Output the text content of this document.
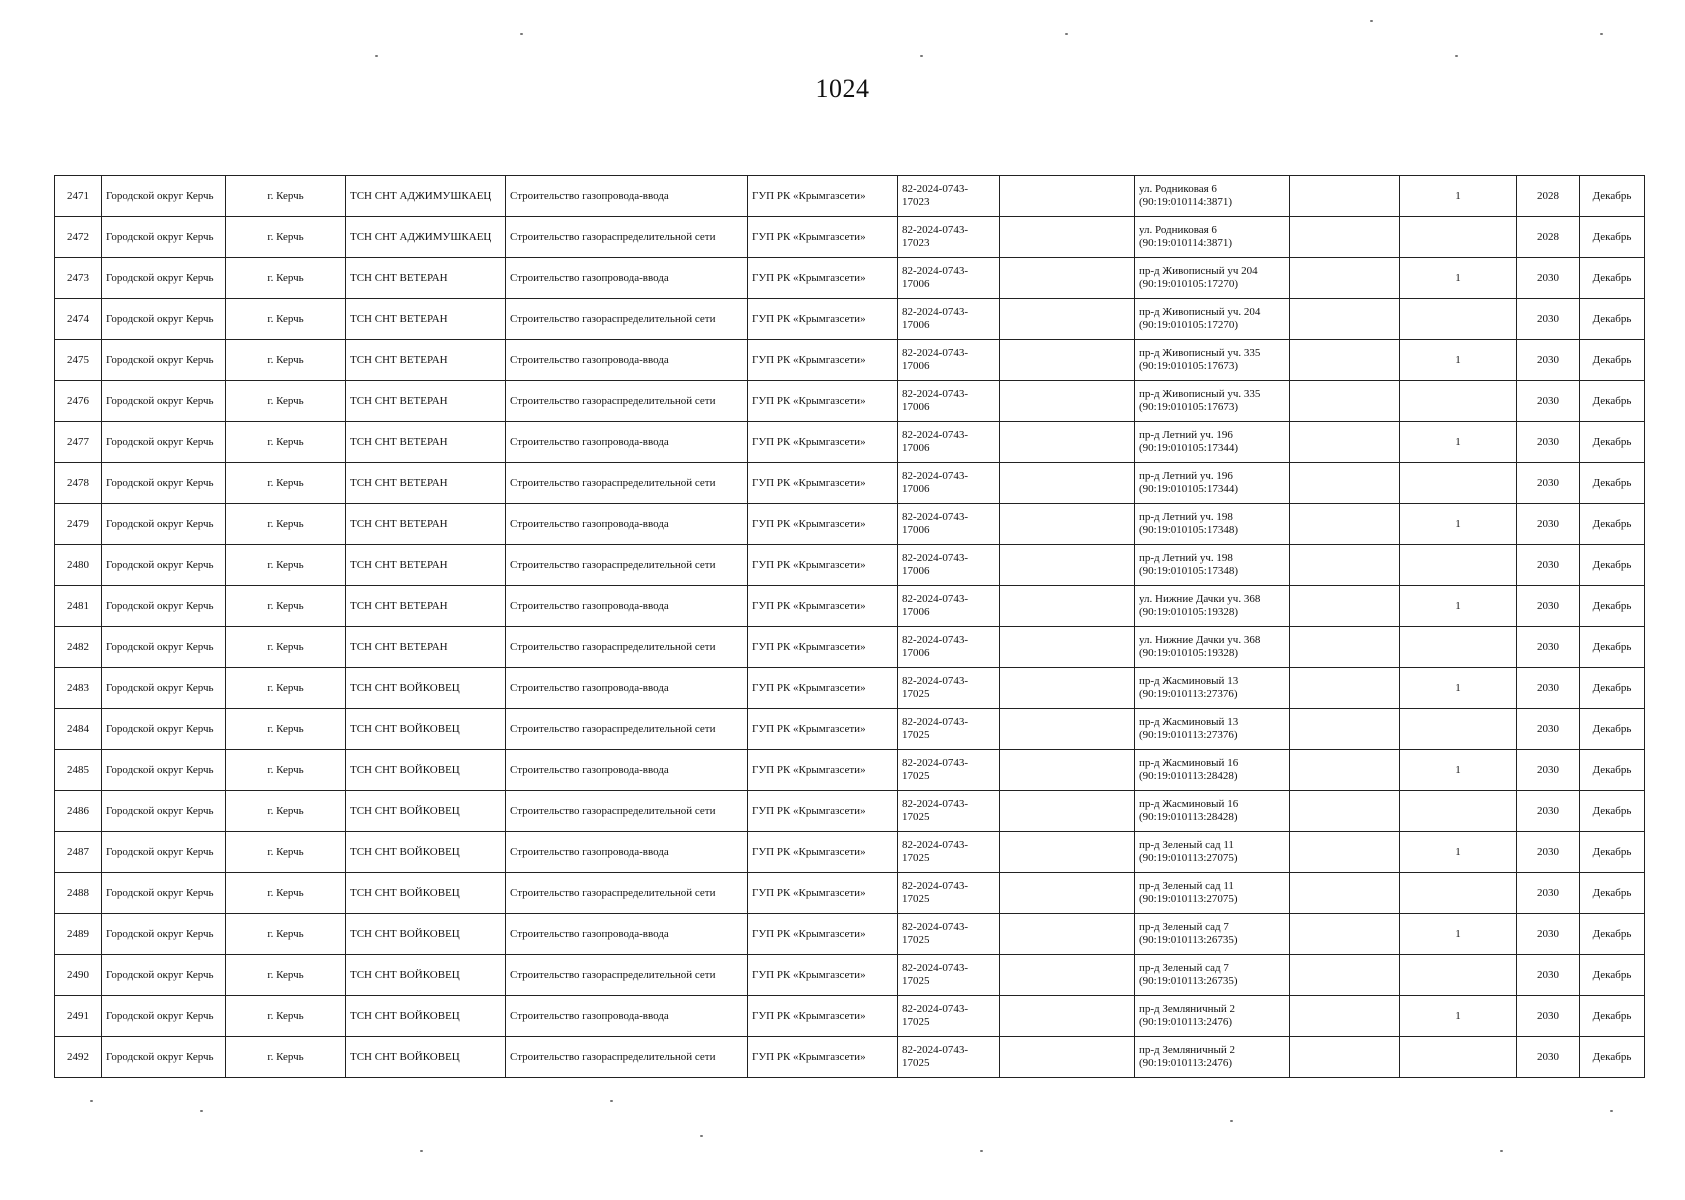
1024
2471	Городской округ Керчь	г. Керчь	ТСН СНТ АДЖИМУШКАЕЦ	Строительство газопровода-ввода	ГУП РК «Крымгазсети»	82-2024-0743-17023		ул. Родниковая 6 (90:19:010114:3871)		1	2028	Декабрь
2472	Городской округ Керчь	г. Керчь	ТСН СНТ АДЖИМУШКАЕЦ	Строительство газораспределительной сети	ГУП РК «Крымгазсети»	82-2024-0743-17023		ул. Родниковая 6 (90:19:010114:3871)			2028	Декабрь
2473	Городской округ Керчь	г. Керчь	ТСН СНТ ВЕТЕРАН	Строительство газопровода-ввода	ГУП РК «Крымгазсети»	82-2024-0743-17006		пр-д Живописный уч 204 (90:19:010105:17270)		1	2030	Декабрь
2474	Городской округ Керчь	г. Керчь	ТСН СНТ ВЕТЕРАН	Строительство газораспределительной сети	ГУП РК «Крымгазсети»	82-2024-0743-17006		пр-д Живописный уч. 204 (90:19:010105:17270)			2030	Декабрь
2475	Городской округ Керчь	г. Керчь	ТСН СНТ ВЕТЕРАН	Строительство газопровода-ввода	ГУП РК «Крымгазсети»	82-2024-0743-17006		пр-д Живописный уч. 335 (90:19:010105:17673)		1	2030	Декабрь
2476	Городской округ Керчь	г. Керчь	ТСН СНТ ВЕТЕРАН	Строительство газораспределительной сети	ГУП РК «Крымгазсети»	82-2024-0743-17006		пр-д Живописный уч. 335 (90:19:010105:17673)			2030	Декабрь
2477	Городской округ Керчь	г. Керчь	ТСН СНТ ВЕТЕРАН	Строительство газопровода-ввода	ГУП РК «Крымгазсети»	82-2024-0743-17006		пр-д Летний уч. 196 (90:19:010105:17344)		1	2030	Декабрь
2478	Городской округ Керчь	г. Керчь	ТСН СНТ ВЕТЕРАН	Строительство газораспределительной сети	ГУП РК «Крымгазсети»	82-2024-0743-17006		пр-д Летний уч. 196 (90:19:010105:17344)			2030	Декабрь
2479	Городской округ Керчь	г. Керчь	ТСН СНТ ВЕТЕРАН	Строительство газопровода-ввода	ГУП РК «Крымгазсети»	82-2024-0743-17006		пр-д Летний уч. 198 (90:19:010105:17348)		1	2030	Декабрь
2480	Городской округ Керчь	г. Керчь	ТСН СНТ ВЕТЕРАН	Строительство газораспределительной сети	ГУП РК «Крымгазсети»	82-2024-0743-17006		пр-д Летний уч. 198 (90:19:010105:17348)			2030	Декабрь
2481	Городской округ Керчь	г. Керчь	ТСН СНТ ВЕТЕРАН	Строительство газопровода-ввода	ГУП РК «Крымгазсети»	82-2024-0743-17006		ул. Нижние Дачки уч. 368 (90:19:010105:19328)		1	2030	Декабрь
2482	Городской округ Керчь	г. Керчь	ТСН СНТ ВЕТЕРАН	Строительство газораспределительной сети	ГУП РК «Крымгазсети»	82-2024-0743-17006		ул. Нижние Дачки уч. 368 (90:19:010105:19328)			2030	Декабрь
2483	Городской округ Керчь	г. Керчь	ТСН СНТ ВОЙКОВЕЦ	Строительство газопровода-ввода	ГУП РК «Крымгазсети»	82-2024-0743-17025		пр-д Жасминовый 13 (90:19:010113:27376)		1	2030	Декабрь
2484	Городской округ Керчь	г. Керчь	ТСН СНТ ВОЙКОВЕЦ	Строительство газораспределительной сети	ГУП РК «Крымгазсети»	82-2024-0743-17025		пр-д Жасминовый 13 (90:19:010113:27376)			2030	Декабрь
2485	Городской округ Керчь	г. Керчь	ТСН СНТ ВОЙКОВЕЦ	Строительство газопровода-ввода	ГУП РК «Крымгазсети»	82-2024-0743-17025		пр-д Жасминовый 16 (90:19:010113:28428)		1	2030	Декабрь
2486	Городской округ Керчь	г. Керчь	ТСН СНТ ВОЙКОВЕЦ	Строительство газораспределительной сети	ГУП РК «Крымгазсети»	82-2024-0743-17025		пр-д Жасминовый 16 (90:19:010113:28428)			2030	Декабрь
2487	Городской округ Керчь	г. Керчь	ТСН СНТ ВОЙКОВЕЦ	Строительство газопровода-ввода	ГУП РК «Крымгазсети»	82-2024-0743-17025		пр-д Зеленый сад 11 (90:19:010113:27075)		1	2030	Декабрь
2488	Городской округ Керчь	г. Керчь	ТСН СНТ ВОЙКОВЕЦ	Строительство газораспределительной сети	ГУП РК «Крымгазсети»	82-2024-0743-17025		пр-д Зеленый сад 11 (90:19:010113:27075)			2030	Декабрь
2489	Городской округ Керчь	г. Керчь	ТСН СНТ ВОЙКОВЕЦ	Строительство газопровода-ввода	ГУП РК «Крымгазсети»	82-2024-0743-17025		пр-д Зеленый сад 7 (90:19:010113:26735)		1	2030	Декабрь
2490	Городской округ Керчь	г. Керчь	ТСН СНТ ВОЙКОВЕЦ	Строительство газораспределительной сети	ГУП РК «Крымгазсети»	82-2024-0743-17025		пр-д Зеленый сад 7 (90:19:010113:26735)			2030	Декабрь
2491	Городской округ Керчь	г. Керчь	ТСН СНТ ВОЙКОВЕЦ	Строительство газопровода-ввода	ГУП РК «Крымгазсети»	82-2024-0743-17025		пр-д Земляничный 2 (90:19:010113:2476)		1	2030	Декабрь
2492	Городской округ Керчь	г. Керчь	ТСН СНТ ВОЙКОВЕЦ	Строительство газораспределительной сети	ГУП РК «Крымгазсети»	82-2024-0743-17025		пр-д Земляничный 2 (90:19:010113:2476)			2030	Декабрь
